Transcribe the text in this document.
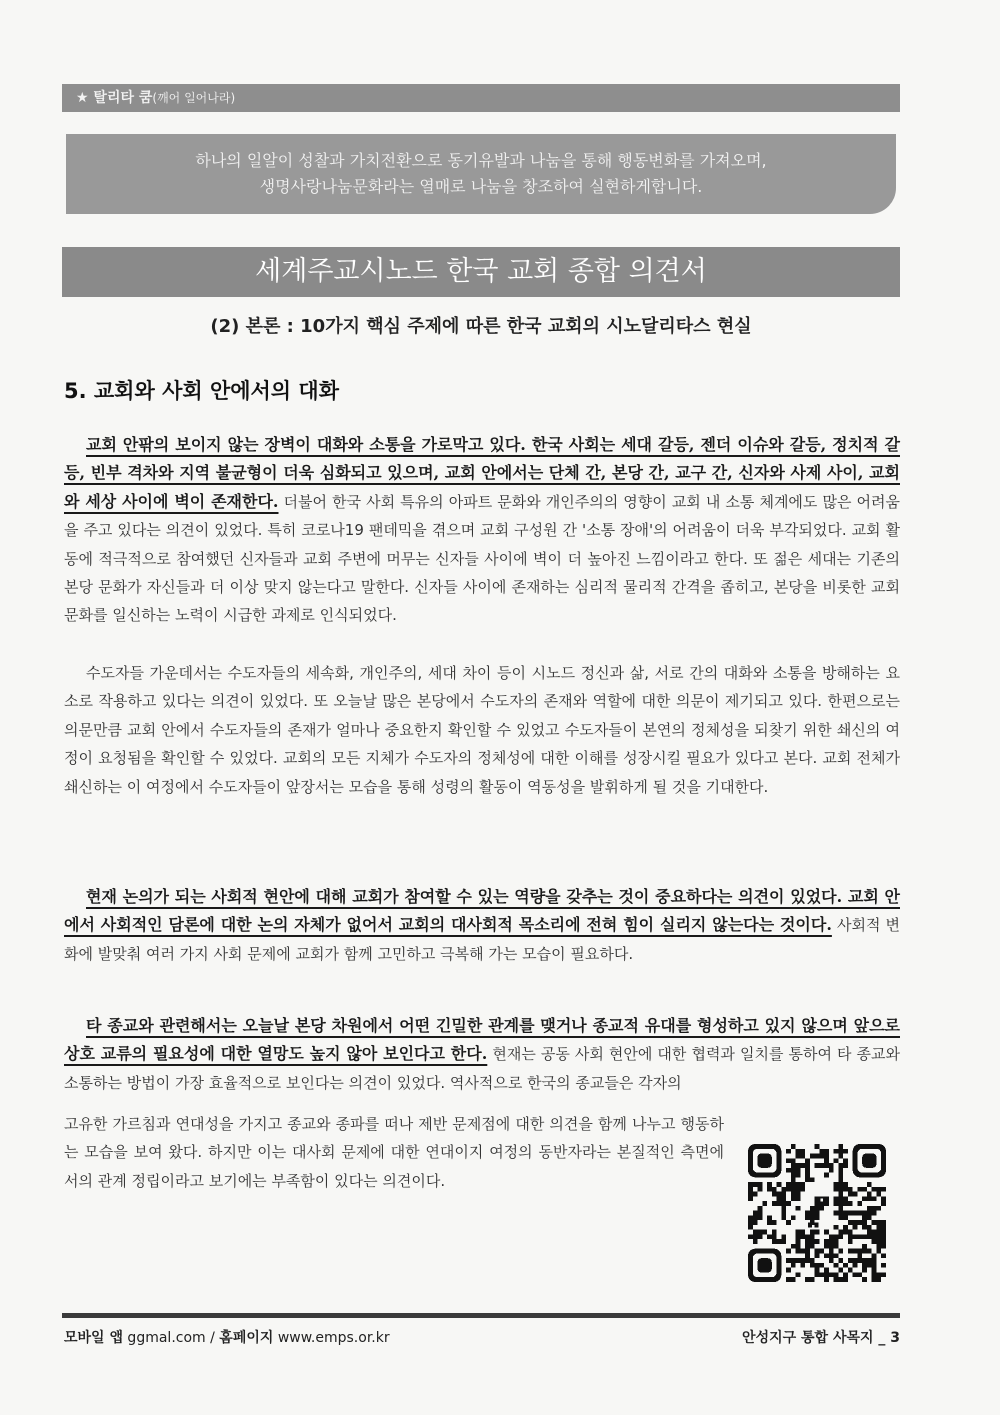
★ 탈리타 쿰(깨어 일어나라)
하나의 일알이 성찰과 가치전환으로 동기유발과 나눔을 통해 행동변화를 가져오며,
생명사랑나눔문화라는 열매로 나눔을 창조하여 실현하게합니다.
세계주교시노드 한국 교회 종합 의견서
(2) 본론 : 10가지 핵심 주제에 따른 한국 교회의 시노달리타스 현실
5. 교회와 사회 안에서의 대화
교회 안팎의 보이지 않는 장벽이 대화와 소통을 가로막고 있다. 한국 사회는 세대 갈등, 젠더 이슈와 갈등, 정치적 갈등, 빈부 격차와 지역 불균형이 더욱 심화되고 있으며, 교회 안에서는 단체 간, 본당 간, 교구 간, 신자와 사제 사이, 교회와 세상 사이에 벽이 존재한다. 더불어 한국 사회 특유의 아파트 문화와 개인주의의 영향이 교회 내 소통 체계에도 많은 어려움을 주고 있다는 의견이 있었다. 특히 코로나19 팬데믹을 겪으며 교회 구성원 간 '소통 장애'의 어려움이 더욱 부각되었다. 교회 활동에 적극적으로 참여했던 신자들과 교회 주변에 머무는 신자들 사이에 벽이 더 높아진 느낌이라고 한다. 또 젊은 세대는 기존의 본당 문화가 자신들과 더 이상 맞지 않는다고 말한다. 신자들 사이에 존재하는 심리적 물리적 간격을 좁히고, 본당을 비롯한 교회 문화를 일신하는 노력이 시급한 과제로 인식되었다.
수도자들 가운데서는 수도자들의 세속화, 개인주의, 세대 차이 등이 시노드 정신과 삶, 서로 간의 대화와 소통을 방해하는 요소로 작용하고 있다는 의견이 있었다. 또 오늘날 많은 본당에서 수도자의 존재와 역할에 대한 의문이 제기되고 있다. 한편으로는 의문만큼 교회 안에서 수도자들의 존재가 얼마나 중요한지 확인할 수 있었고 수도자들이 본연의 정체성을 되찾기 위한 쇄신의 여정이 요청됨을 확인할 수 있었다. 교회의 모든 지체가 수도자의 정체성에 대한 이해를 성장시킬 필요가 있다고 본다. 교회 전체가 쇄신하는 이 여정에서 수도자들이 앞장서는 모습을 통해 성령의 활동이 역동성을 발휘하게 될 것을 기대한다.
현재 논의가 되는 사회적 현안에 대해 교회가 참여할 수 있는 역량을 갖추는 것이 중요하다는 의견이 있었다. 교회 안에서 사회적인 담론에 대한 논의 자체가 없어서 교회의 대사회적 목소리에 전혀 힘이 실리지 않는다는 것이다. 사회적 변화에 발맞춰 여러 가지 사회 문제에 교회가 함께 고민하고 극복해 가는 모습이 필요하다.
타 종교와 관련해서는 오늘날 본당 차원에서 어떤 긴밀한 관계를 맺거나 종교적 유대를 형성하고 있지 않으며 앞으로 상호 교류의 필요성에 대한 열망도 높지 않아 보인다고 한다. 현재는 공동 사회 현안에 대한 협력과 일치를 통하여 타 종교와 소통하는 방법이 가장 효율적으로 보인다는 의견이 있었다. 역사적으로 한국의 종교들은 각자의
고유한 가르침과 연대성을 가지고 종교와 종파를 떠나 제반 문제점에 대한 의견을 함께 나누고 행동하는 모습을 보여 왔다. 하지만 이는 대사회 문제에 대한 연대이지 여정의 동반자라는 본질적인 측면에서의 관계 정립이라고 보기에는 부족함이 있다는 의견이다.
모바일 앱 ggmal.com / 홈페이지 www.emps.or.kr	안성지구 통합 사목지 _ 3
